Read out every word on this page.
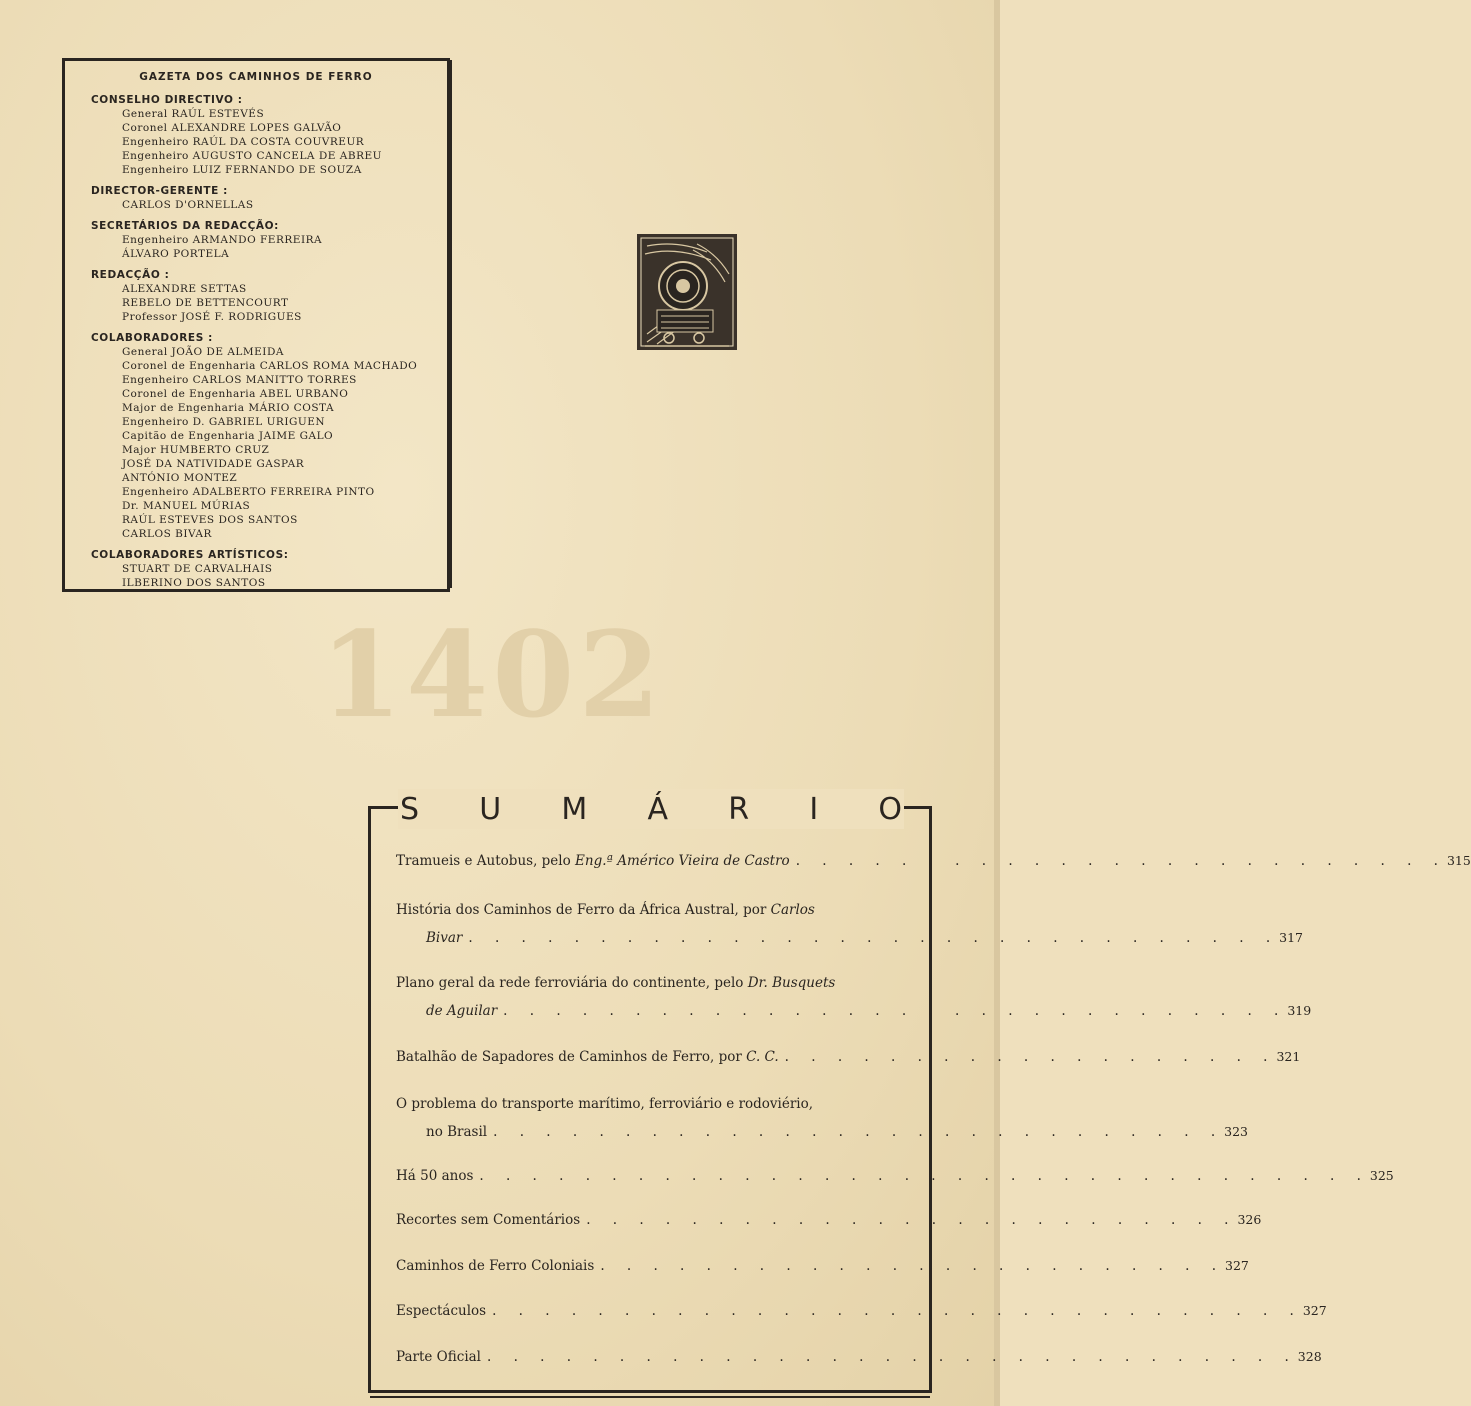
1402

GAZETA DOS CAMINHOS DE FERRO

CONSELHO DIRECTIVO :

General RAÚL ESTEVÉS

Coronel ALEXANDRE LOPES GALVÃO

Engenheiro RAÚL DA COSTA COUVREUR

Engenheiro AUGUSTO CANCELA DE ABREU

Engenheiro LUIZ FERNANDO DE SOUZA

DIRECTOR-GERENTE :

CARLOS D'ORNELLAS

SECRETÁRIOS DA REDACÇÃO:

Engenheiro ARMANDO FERREIRA

ÁLVARO PORTELA

REDACÇÃO :

ALEXANDRE SETTAS

REBELO DE BETTENCOURT

Professor JOSÉ F. RODRIGUES

COLABORADORES :

General JOÃO DE ALMEIDA

Coronel de Engenharia CARLOS ROMA MACHADO

Engenheiro CARLOS MANITTO TORRES

Coronel de Engenharia ABEL URBANO

Major de Engenharia MÁRIO COSTA

Engenheiro D. GABRIEL URIGUEN

Capitão de Engenharia JAIME GALO

Major HUMBERTO CRUZ

JOSÉ DA NATIVIDADE GASPAR

ANTÓNIO MONTEZ

Engenheiro ADALBERTO FERREIRA PINTO

Dr. MANUEL MÚRIAS

RAÚL ESTEVES DOS SANTOS

CARLOS BIVAR

COLABORADORES ARTÍSTICOS:

STUART DE CARVALHAIS

ILBERINO DOS SANTOS

S U M Á R I O
Tramueis e Autobus, pelo Eng.ª Américo Vieira de Castro . . . . . . . . . . . . . . . . . . . . . . . . . 315
História dos Caminhos de Ferro da África Austral, por Carlos
Bivar . . . . . . . . . . . . . . . . . . . . . . . . . . . . . . . 317
Plano geral da rede ferroviária do continente, pelo Dr. Busquets
de Aguilar . . . . . . . . . . . . . . . . . . . . . . . . . . . . . . 319
Batalhão de Sapadores de Caminhos de Ferro, por C. C. . . . . . . . . . . . . . . . . . . . 321
O problema do transporte marítimo, ferroviário e rodoviério,
no Brasil . . . . . . . . . . . . . . . . . . . . . . . . . . . . 323
Há 50 anos . . . . . . . . . . . . . . . . . . . . . . . . . . . . . . . . . . 325
Recortes sem Comentários . . . . . . . . . . . . . . . . . . . . . . . . . 326
Caminhos de Ferro Coloniais . . . . . . . . . . . . . . . . . . . . . . . . 327
Espectáculos . . . . . . . . . . . . . . . . . . . . . . . . . . . . . . . 327
Parte Oficial . . . . . . . . . . . . . . . . . . . . . . . . . . . . . . . 328
